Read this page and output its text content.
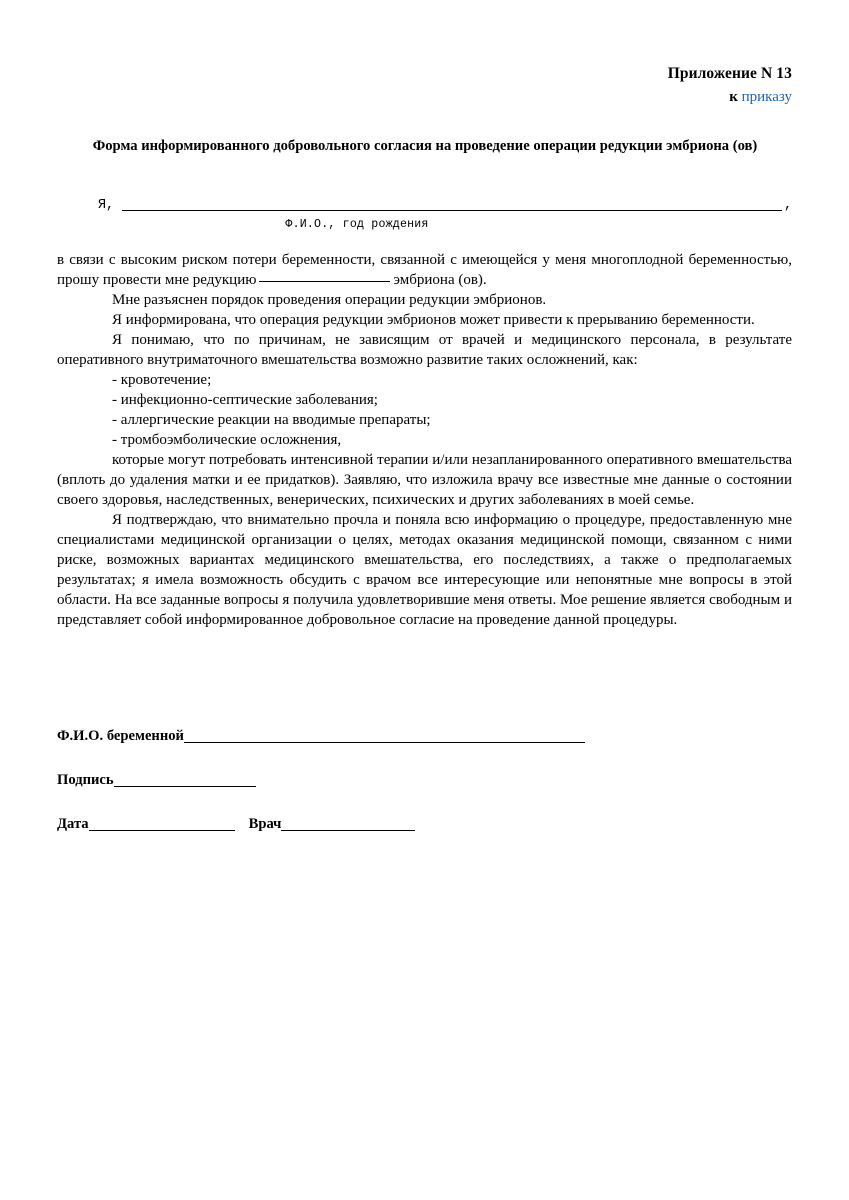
Приложение N 13
к приказу
Форма информированного добровольного согласия на проведение операции редукции эмбриона (ов)
Я,	,
Ф.И.О., год рождения

в связи с высоким риском потери беременности, связанной с имеющейся у меня многоплодной беременностью, прошу провести мне редукцию	эмбриона (ов).

Мне разъяснен порядок проведения операции редукции эмбрионов.

Я информирована, что операция редукции эмбрионов может привести к прерыванию беременности.

Я понимаю, что по причинам, не зависящим от врачей и медицинского персонала, в результате оперативного внутриматочного вмешательства возможно развитие таких осложнений, как:

- кровотечение;
- инфекционно-септические заболевания;
- аллергические реакции на вводимые препараты;
- тромбоэмболические осложнения,

которые могут потребовать интенсивной терапии и/или незапланированного оперативного вмешательства (вплоть до удаления матки и ее придатков). Заявляю, что изложила врачу все известные мне данные о состоянии своего здоровья, наследственных, венерических, психических и других заболеваниях в моей семье.

Я подтверждаю, что внимательно прочла и поняла всю информацию о процедуре, предоставленную мне специалистами медицинской организации о целях, методах оказания медицинской помощи, связанном с ними риске, возможных вариантах медицинского вмешательства, его последствиях, а также о предполагаемых результатах; я имела возможность обсудить с врачом все интересующие или непонятные мне вопросы в этой области. На все заданные вопросы я получила удовлетворившие меня ответы. Мое решение является свободным и представляет собой информированное добровольное согласие на проведение данной процедуры.

Ф.И.О. беременной
Подпись
Дата	Врач
